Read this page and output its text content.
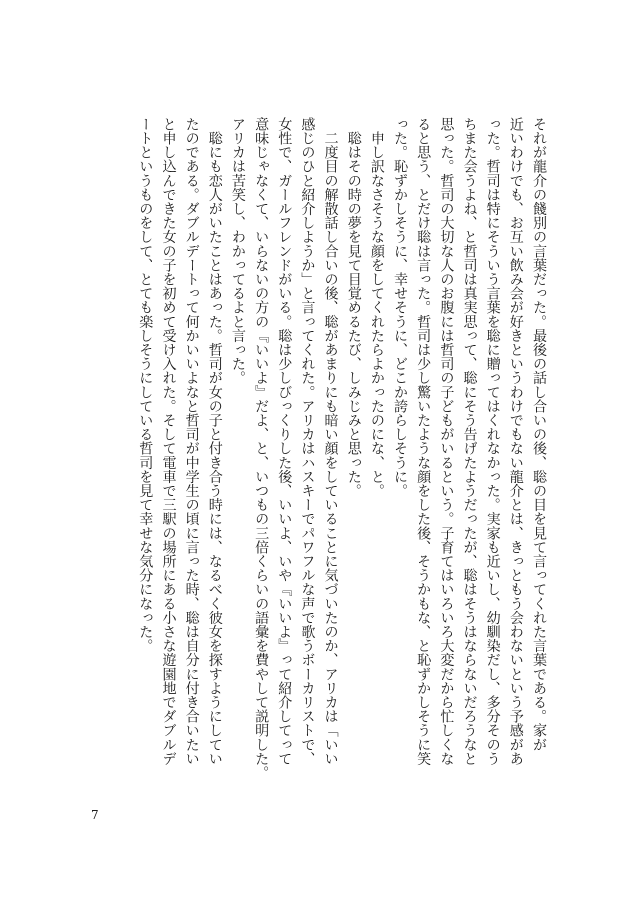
それが龍介の餞別の言葉だった。最後の話し合いの後、聡の目を見て言ってくれた言葉である。家が

近いわけでも、お互い飲み会が好きというわけでもない龍介とは、きっともう会わないという予感があ

った。哲司は特にそういう言葉を聡に贈ってはくれなかった。実家も近いし、幼馴染だし、多分そのう

ちまた会うよね、と哲司は真実思って、聡にそう告げたようだったが、聡はそうはならないだろうなと

思った。哲司の大切な人のお腹には哲司の子どもがいるという。子育てはいろいろ大変だから忙しくな

ると思う、とだけ聡は言った。哲司は少し驚いたような顔をした後、そうかもな、と恥ずかしそうに笑

った。恥ずかしそうに、幸せそうに、どこか誇らしそうに。

　申し訳なさそうな顔をしてくれたらよかったのにな、と。

　聡はその時の夢を見て目覚めるたび、しみじみと思った。

　二度目の解散話し合いの後、聡があまりにも暗い顔をしていることに気づいたのか、アリカは「いい

感じのひと紹介しようか」と言ってくれた。アリカはハスキーでパワフルな声で歌うボーカリストで、

女性で、ガールフレンドがいる。聡は少しびっくりした後、いいよ、いや『いいよ』って紹介してって

意味じゃなくて、いらないの方の『いいよ』だよ、と、いつもの三倍くらいの語彙を費やして説明した。

アリカは苦笑し、わかってるよと言った。

　聡にも恋人がいたことはあった。哲司が女の子と付き合う時には、なるべく彼女を探すようにしてい

たのである。ダブルデートって何かいいよなと哲司が中学生の頃に言った時、聡は自分に付き合いたい

と申し込んできた女の子を初めて受け入れた。そして電車で三駅の場所にある小さな遊園地でダブルデ

ートというものをして、とても楽しそうにしている哲司を見て幸せな気分になった。

7
